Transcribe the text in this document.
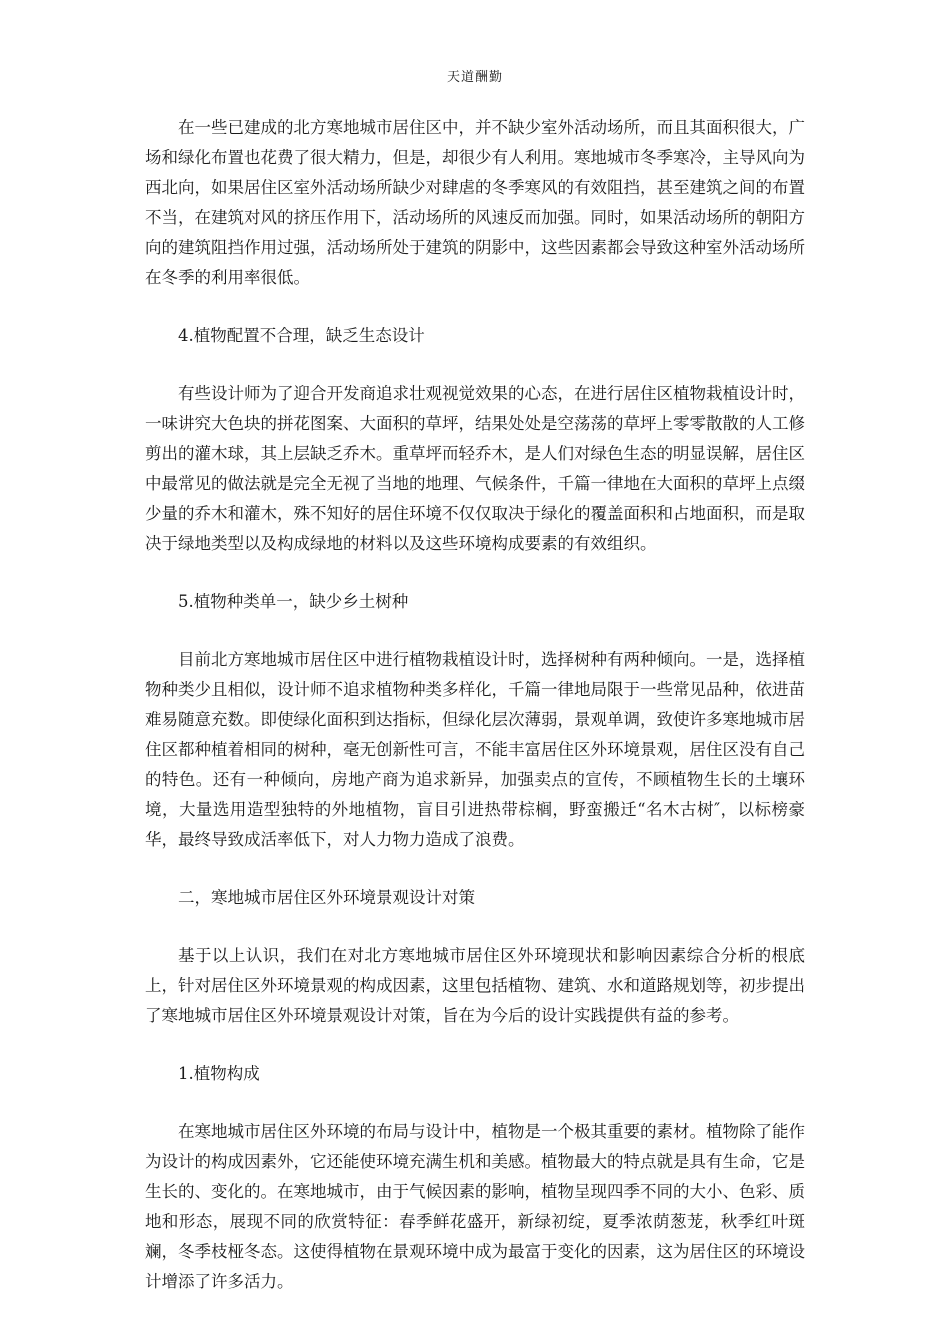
天道酬勤

在一些已建成的北方寒地城市居住区中，并不缺少室外活动场所，而且其面积很大，广场和绿化布置也花费了很大精力，但是，却很少有人利用。寒地城市冬季寒冷，主导风向为西北向，如果居住区室外活动场所缺少对肆虐的冬季寒风的有效阻挡，甚至建筑之间的布置不当，在建筑对风的挤压作用下，活动场所的风速反而加强。同时，如果活动场所的朝阳方向的建筑阻挡作用过强，活动场所处于建筑的阴影中，这些因素都会导致这种室外活动场所在冬季的利用率很低。

4.植物配置不合理，缺乏生态设计

有些设计师为了迎合开发商追求壮观视觉效果的心态，在进行居住区植物栽植设计时，一味讲究大色块的拼花图案、大面积的草坪，结果处处是空荡荡的草坪上零零散散的人工修剪出的灌木球，其上层缺乏乔木。重草坪而轻乔木，是人们对绿色生态的明显误解，居住区中最常见的做法就是完全无视了当地的地理、气候条件，千篇一律地在大面积的草坪上点缀少量的乔木和灌木，殊不知好的居住环境不仅仅取决于绿化的覆盖面积和占地面积，而是取决于绿地类型以及构成绿地的材料以及这些环境构成要素的有效组织。

5.植物种类单一，缺少乡土树种

目前北方寒地城市居住区中进行植物栽植设计时，选择树种有两种倾向。一是，选择植物种类少且相似，设计师不追求植物种类多样化，千篇一律地局限于一些常见品种，依进苗难易随意充数。即使绿化面积到达指标，但绿化层次薄弱，景观单调，致使许多寒地城市居住区都种植着相同的树种，毫无创新性可言，不能丰富居住区外环境景观，居住区没有自己的特色。还有一种倾向，房地产商为追求新异，加强卖点的宣传，不顾植物生长的土壤环境，大量选用造型独特的外地植物，盲目引进热带棕榈，野蛮搬迁“名木古树″，以标榜豪华，最终导致成活率低下，对人力物力造成了浪费。

二，寒地城市居住区外环境景观设计对策

基于以上认识，我们在对北方寒地城市居住区外环境现状和影响因素综合分析的根底上，针对居住区外环境景观的构成因素，这里包括植物、建筑、水和道路规划等，初步提出了寒地城市居住区外环境景观设计对策，旨在为今后的设计实践提供有益的参考。

1.植物构成

在寒地城市居住区外环境的布局与设计中，植物是一个极其重要的素材。植物除了能作为设计的构成因素外，它还能使环境充满生机和美感。植物最大的特点就是具有生命，它是生长的、变化的。在寒地城市，由于气候因素的影响，植物呈现四季不同的大小、色彩、质地和形态，展现不同的欣赏特征：春季鲜花盛开，新绿初绽，夏季浓荫葱茏，秋季红叶斑斓，冬季枝桠冬态。这使得植物在景观环境中成为最富于变化的因素，这为居住区的环境设计增添了许多活力。
